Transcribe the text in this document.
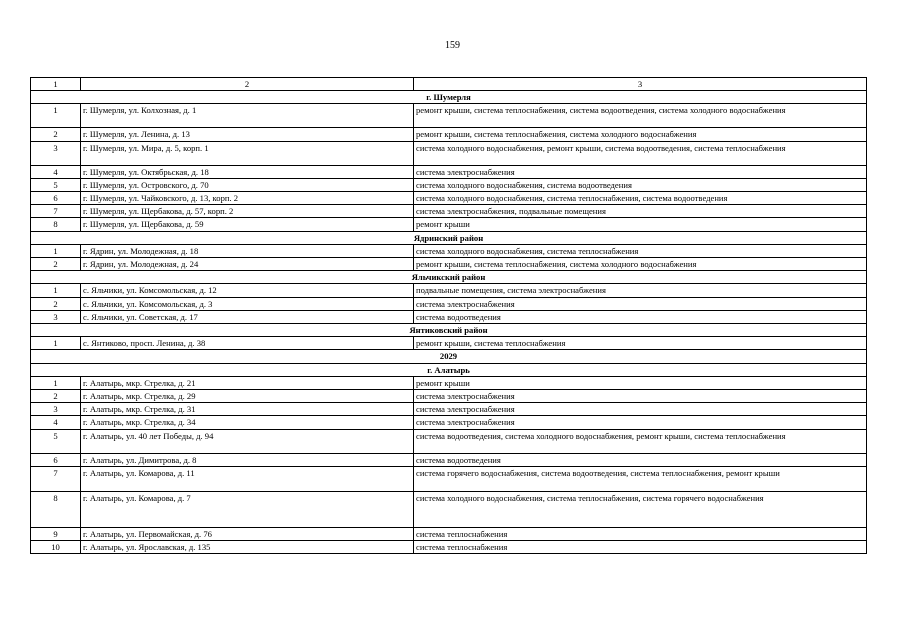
159
1	2	3
г. Шумерля		
1	г. Шумерля, ул. Колхозная, д. 1	ремонт крыши, система теплоснабжения, система водоотведения, система холодного водоснабжения
2	г. Шумерля, ул. Ленина, д. 13	ремонт крыши, система теплоснабжения, система холодного водоснабжения
3	г. Шумерля, ул. Мира, д. 5, корп. 1	система холодного водоснабжения, ремонт крыши, система водоотведения, система теплоснабжения
4	г. Шумерля, ул. Октябрьская, д. 18	система электроснабжения
5	г. Шумерля, ул. Островского, д. 70	система холодного водоснабжения, система водоотведения
6	г. Шумерля, ул. Чайковского, д. 13, корп. 2	система холодного водоснабжения, система теплоснабжения, система водоотведения
7	г. Шумерля, ул. Щербакова, д. 57, корп. 2	система электроснабжения, подвальные помещения
8	г. Шумерля, ул. Щербакова, д. 59	ремонт крыши
Ядринский район		
1	г. Ядрин, ул. Молодежная, д. 18	система холодного водоснабжения, система теплоснабжения
2	г. Ядрин, ул. Молодежная, д. 24	ремонт крыши, система теплоснабжения, система холодного водоснабжения
Яльчикский район		
1	с. Яльчики, ул. Комсомольская, д. 12	подвальные помещения, система электроснабжения
2	с. Яльчики, ул. Комсомольская, д. 3	система электроснабжения
3	с. Яльчики, ул. Советская, д. 17	система водоотведения
Янтиковский район		
1	с. Янтиково, просп. Ленина, д. 38	ремонт крыши, система теплоснабжения
2029		
г. Алатырь		
1	г. Алатырь, мкр. Стрелка, д. 21	ремонт крыши
2	г. Алатырь, мкр. Стрелка, д. 29	система электроснабжения
3	г. Алатырь, мкр. Стрелка, д. 31	система электроснабжения
4	г. Алатырь, мкр. Стрелка, д. 34	система электроснабжения
5	г. Алатырь, ул. 40 лет Победы, д. 94	система водоотведения, система холодного водоснабжения, ремонт крыши, система теплоснабжения
6	г. Алатырь, ул. Димитрова, д. 8	система водоотведения
7	г. Алатырь, ул. Комарова, д. 11	система горячего водоснабжения, система водоотведения, система теплоснабжения, ремонт крыши
8	г. Алатырь, ул. Комарова, д. 7	система холодного водоснабжения, система теплоснабжения, система горячего водоснабжения
9	г. Алатырь, ул. Первомайская, д. 76	система теплоснабжения
10	г. Алатырь, ул. Ярославская, д. 135	система теплоснабжения
